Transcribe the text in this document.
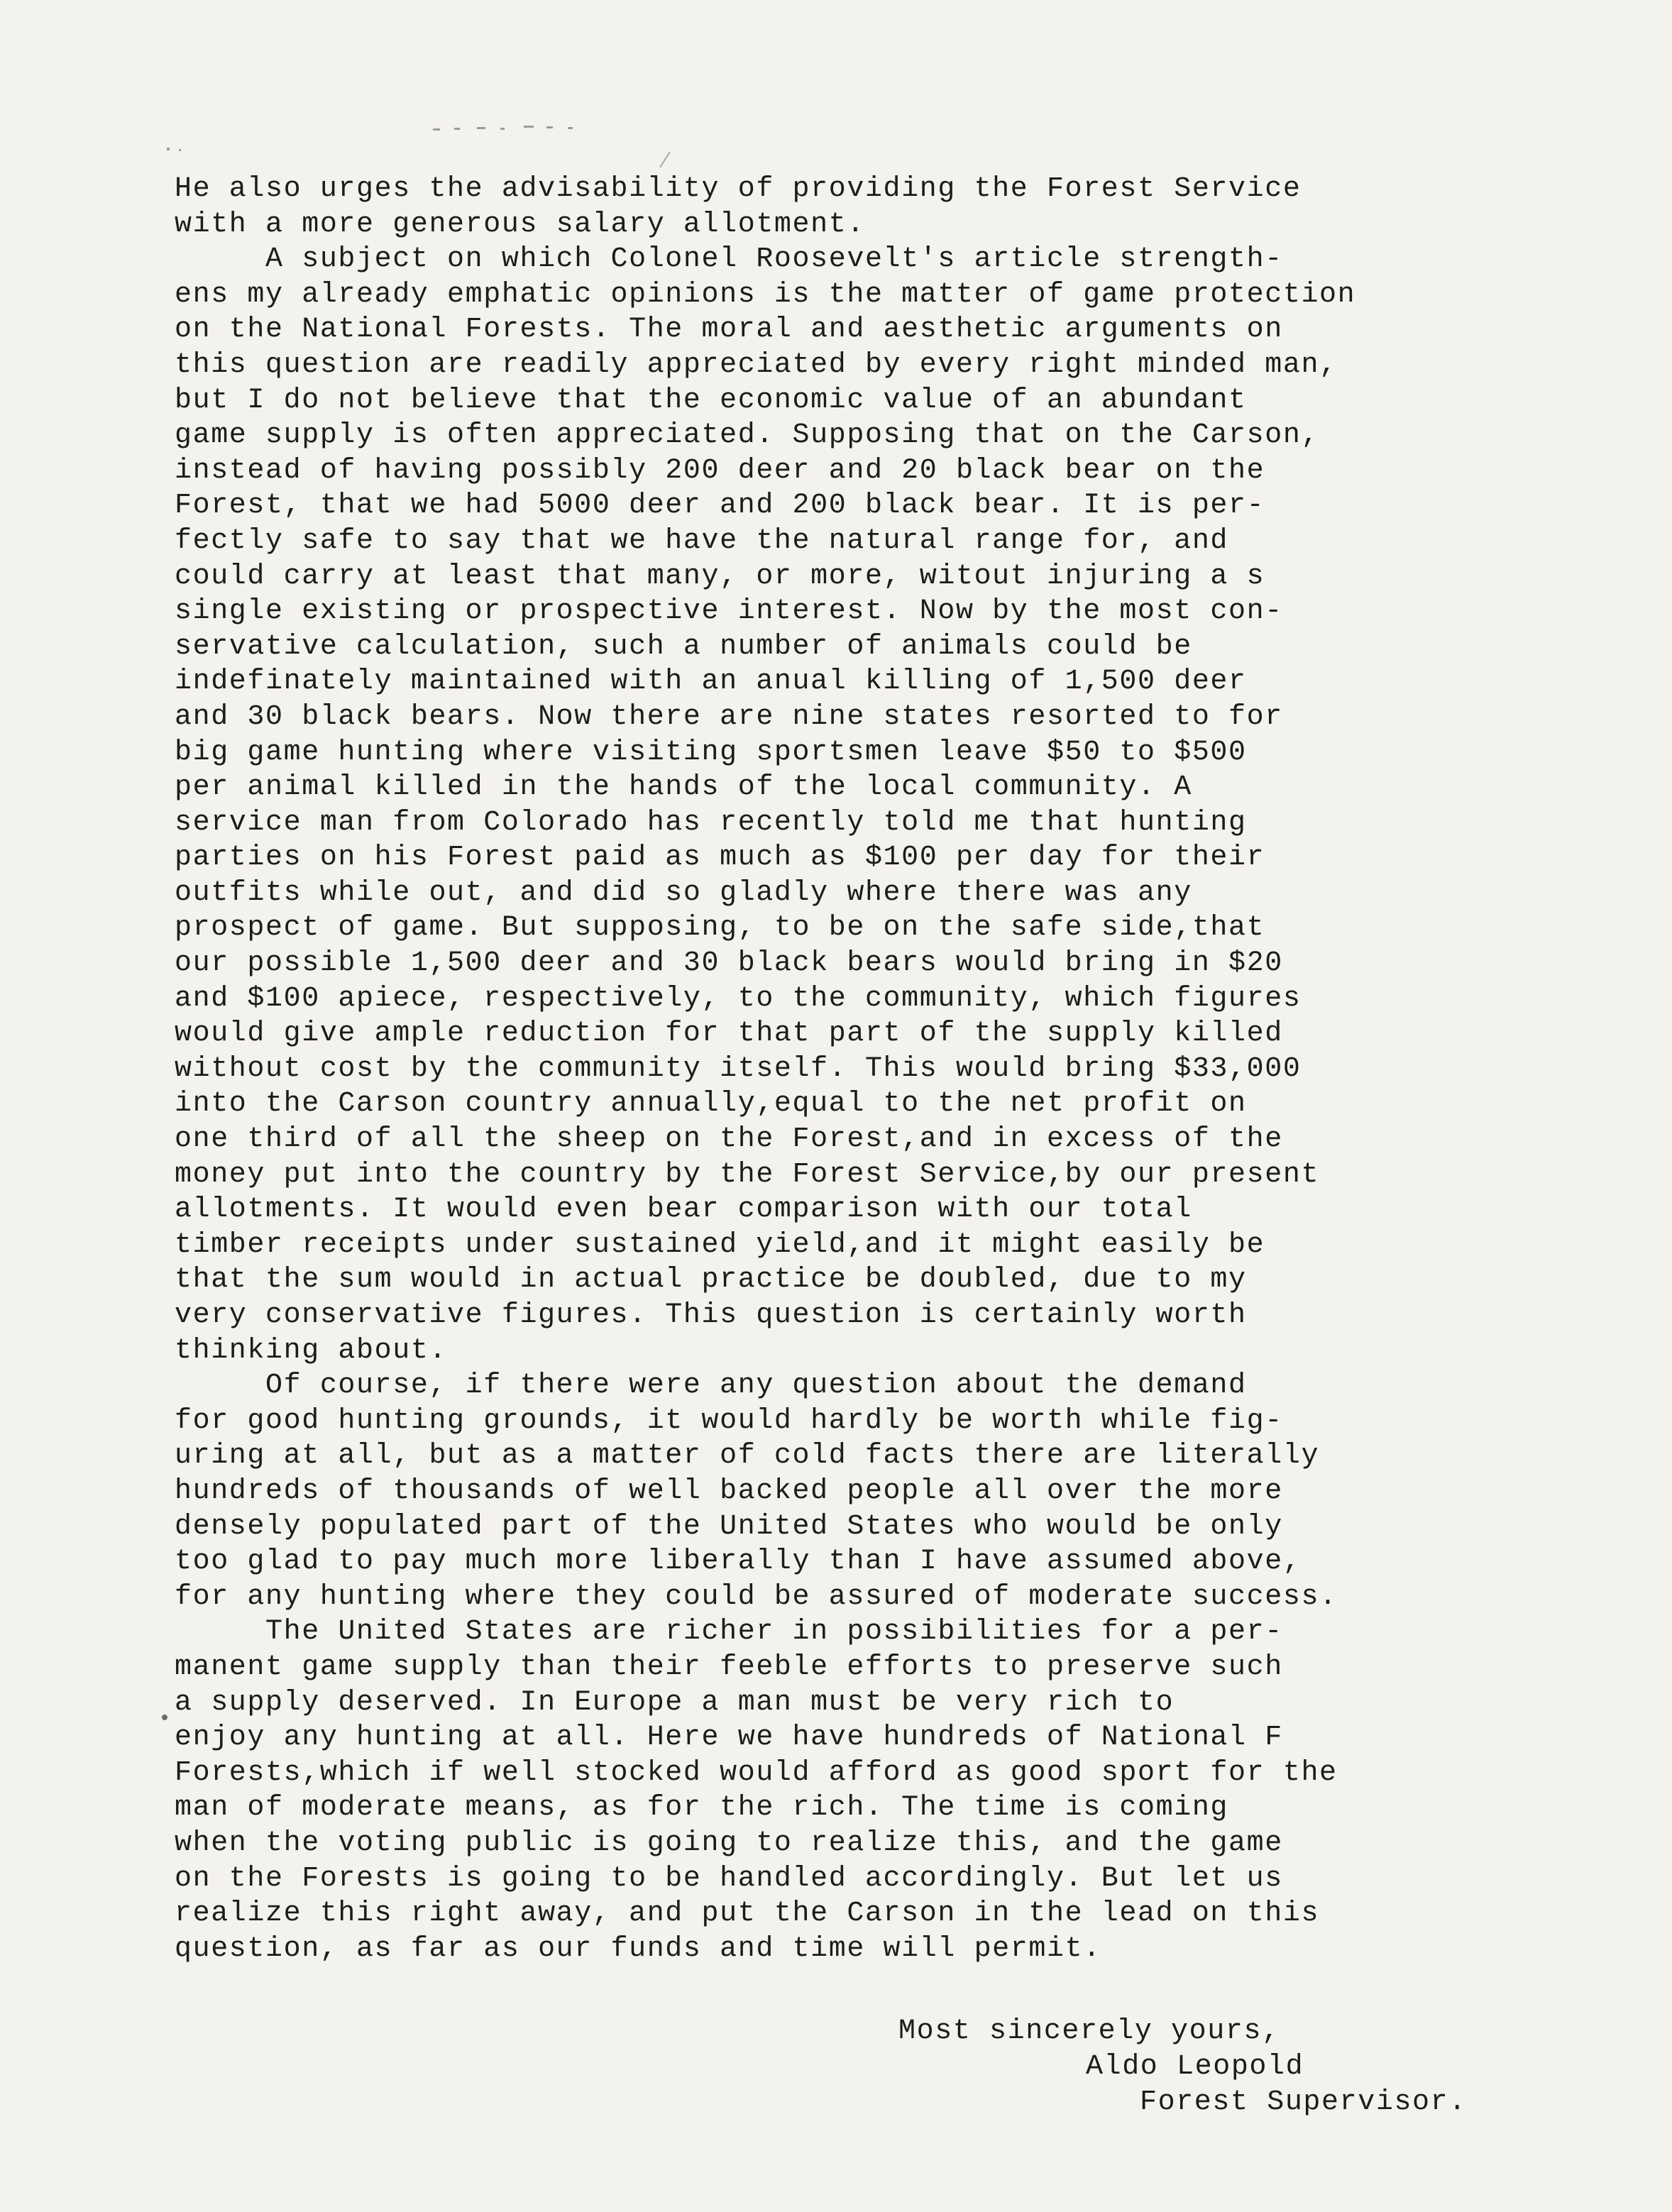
He also urges the advisability of providing the Forest Service
with a more generous salary allotment.
A subject on which Colonel Roosevelt's article strength-
ens my already emphatic opinions is the matter of game protection
on the National Forests. The moral and aesthetic arguments on
this question are readily appreciated by every right minded man,
but I do not believe that the economic value of an abundant
game supply is often appreciated. Supposing that on the Carson,
instead of having possibly 200 deer and 20 black bear on the
Forest, that we had 5000 deer and 200 black bear. It is per-
fectly safe to say that we have the natural range for, and
could carry at least that many, or more, witout injuring a s
single existing or prospective interest. Now by the most con-
servative calculation, such a number of animals could be
indefinately maintained with an anual killing of 1,500 deer
and 30 black bears. Now there are nine states resorted to for
big game hunting where visiting sportsmen leave $50 to $500
per animal killed in the hands of the local community. A
service man from Colorado has recently told me that hunting
parties on his Forest paid as much as $100 per day for their
outfits while out, and did so gladly where there was any
prospect of game. But supposing, to be on the safe side,that
our possible 1,500 deer and 30 black bears would bring in $20
and $100 apiece, respectively, to the community, which figures
would give ample reduction for that part of the supply killed
without cost by the community itself. This would bring $33,000
into the Carson country annually,equal to the net profit on
one third of all the sheep on the Forest,and in excess of the
money put into the country by the Forest Service,by our present
allotments. It would even bear comparison with our total
timber receipts under sustained yield,and it might easily be
that the sum would in actual practice be doubled, due to my
very conservative figures. This question is certainly worth
thinking about.
Of course, if there were any question about the demand
for good hunting grounds, it would hardly be worth while fig-
uring at all, but as a matter of cold facts there are literally
hundreds of thousands of well backed people all over the more
densely populated part of the United States who would be only
too glad to pay much more liberally than I have assumed above,
for any hunting where they could be assured of moderate success.
The United States are richer in possibilities for a per-
manent game supply than their feeble efforts to preserve such
a supply deserved. In Europe a man must be very rich to
enjoy any hunting at all. Here we have hundreds of National F
Forests,which if well stocked would afford as good sport for the
man of moderate means, as for the rich. The time is coming
when the voting public is going to realize this, and the game
on the Forests is going to be handled accordingly. But let us
realize this right away, and put the Carson in the lead on this
question, as far as our funds and time will permit.
Most sincerely yours,
Aldo Leopold
Forest Supervisor.
